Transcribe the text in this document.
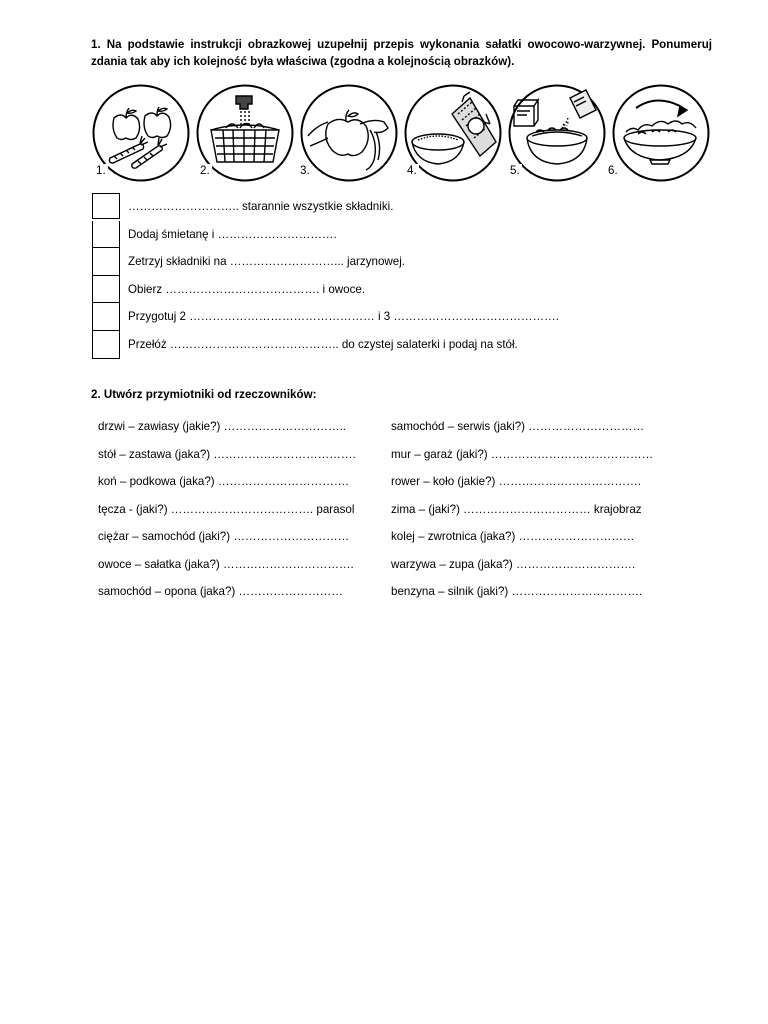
1. Na podstawie instrukcji obrazkowej uzupełnij przepis wykonania sałatki owocowo-warzywnej. Ponumeruj zdania tak aby ich kolejność była właściwa (zgodna a kolejnością obrazków).

1.	2.	3.	4.	5.	6.
……………………….. starannie wszystkie składniki.
Dodaj śmietanę i ………………………….
Zetrzyj składniki na ………………………... jarzynowej.
Obierz …………………………………. i owoce.
Przygotuj 2 ………………………………………… i 3 …………………………………….
Przełóż …………………………………….. do czystej salaterki i podaj na stół.

2. Utwórz przymiotniki od rzeczowników:

drzwi – zawiasy (jakie?) …………………………..
stół – zastawa (jaka?) ……………………………….
koń – podkowa (jaka?) …………………………….
tęcza - (jaki?) ………………………………. parasol
ciężar – samochód (jaki?) …………………………
owoce – sałatka (jaka?) …………………………….
samochód – opona (jaka?) ………………………
samochód – serwis (jaki?) …………………………
mur – garaż (jaki?) ……………………………………
rower – koło (jakie?) ……………………………….
zima – (jaki?) …………………………… krajobraz
kolej – zwrotnica (jaka?) …………………………
warzywa – zupa (jaka?) ………………………….
benzyna – silnik (jaki?) …………………………….
